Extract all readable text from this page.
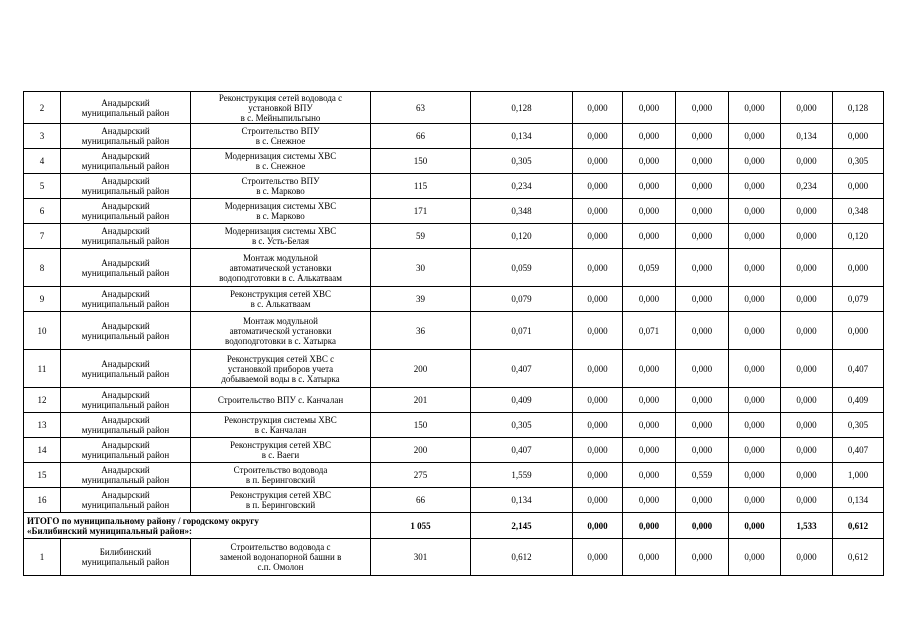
2	Анадырский
муниципальный район	Реконструкция сетей водовода с
установкой ВПУ
в с. Мейныпильгыно	63	0,128	0,000	0,000	0,000	0,000	0,000	0,128
3	Анадырский
муниципальный район	Строительство ВПУ
в с. Снежное	66	0,134	0,000	0,000	0,000	0,000	0,134	0,000
4	Анадырский
муниципальный район	Модернизация системы ХВС
в с. Снежное	150	0,305	0,000	0,000	0,000	0,000	0,000	0,305
5	Анадырский
муниципальный район	Строительство ВПУ
в с. Марково	115	0,234	0,000	0,000	0,000	0,000	0,234	0,000
6	Анадырский
муниципальный район	Модернизация системы ХВС
в с. Марково	171	0,348	0,000	0,000	0,000	0,000	0,000	0,348
7	Анадырский
муниципальный район	Модернизация системы ХВС
в с. Усть-Белая	59	0,120	0,000	0,000	0,000	0,000	0,000	0,120
8	Анадырский
муниципальный район	Монтаж модульной
автоматической установки
водоподготовки в с. Алькатваам	30	0,059	0,000	0,059	0,000	0,000	0,000	0,000
9	Анадырский
муниципальный район	Реконструкция сетей ХВС
в с. Алькатваам	39	0,079	0,000	0,000	0,000	0,000	0,000	0,079
10	Анадырский
муниципальный район	Монтаж модульной
автоматической установки
водоподготовки в с. Хатырка	36	0,071	0,000	0,071	0,000	0,000	0,000	0,000
11	Анадырский
муниципальный район	Реконструкция сетей ХВС с
установкой приборов учета
добываемой воды в с. Хатырка	200	0,407	0,000	0,000	0,000	0,000	0,000	0,407
12	Анадырский
муниципальный район	Строительство ВПУ с. Канчалан	201	0,409	0,000	0,000	0,000	0,000	0,000	0,409
13	Анадырский
муниципальный район	Реконструкция системы ХВС
в с. Канчалан	150	0,305	0,000	0,000	0,000	0,000	0,000	0,305
14	Анадырский
муниципальный район	Реконструкция сетей ХВС
в с. Ваеги	200	0,407	0,000	0,000	0,000	0,000	0,000	0,407
15	Анадырский
муниципальный район	Строительство водовода
в п. Беринговский	275	1,559	0,000	0,000	0,559	0,000	0,000	1,000
16	Анадырский
муниципальный район	Реконструкция сетей ХВС
в п. Беринговский	66	0,134	0,000	0,000	0,000	0,000	0,000	0,134
ИТОГО по муниципальному району / городскому округу
«Билибинский муниципальный район»:			1 055	2,145	0,000	0,000	0,000	0,000	1,533	0,612
1	Билибинский
муниципальный район	Строительство водовода с
заменой водонапорной башни в
с.п. Омолон	301	0,612	0,000	0,000	0,000	0,000	0,000	0,612
